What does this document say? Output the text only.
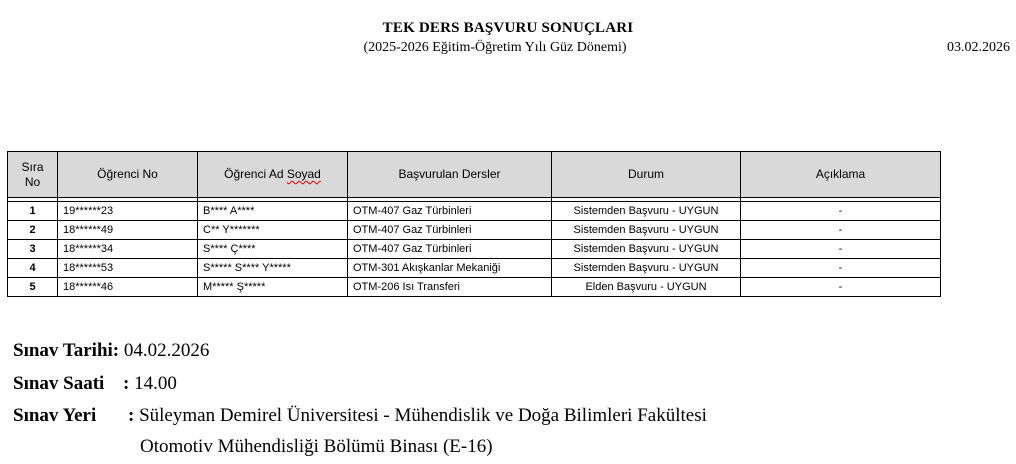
TEK DERS BAŞVURU SONUÇLARI
(2025-2026 Eğitim-Öğretim Yılı Güz Dönemi)	03.02.2026
Sıra
No	Öğrenci No	Öğrenci Ad Soyad	Başvurulan Dersler	Durum	Açıklama

1	19******23	B**** A****	OTM-407 Gaz Türbinleri	Sistemden Başvuru - UYGUN	-
2	18******49	C** Y*******	OTM-407 Gaz Türbinleri	Sistemden Başvuru - UYGUN	-
3	18******34	S**** Ç****	OTM-407 Gaz Türbinleri	Sistemden Başvuru - UYGUN	-
4	18******53	S***** S**** Y*****	OTM-301 Akışkanlar Mekaniği	Sistemden Başvuru - UYGUN	-
5	18******46	M***** Ş*****	OTM-206 Isı Transferi	Elden Başvuru - UYGUN	-
Sınav Tarihi: 04.02.2026
Sınav Saati : 14.00
Sınav Yeri : Süleyman Demirel Üniversitesi - Mühendislik ve Doğa Bilimleri Fakültesi
Otomotiv Mühendisliği Bölümü Binası (E-16)
